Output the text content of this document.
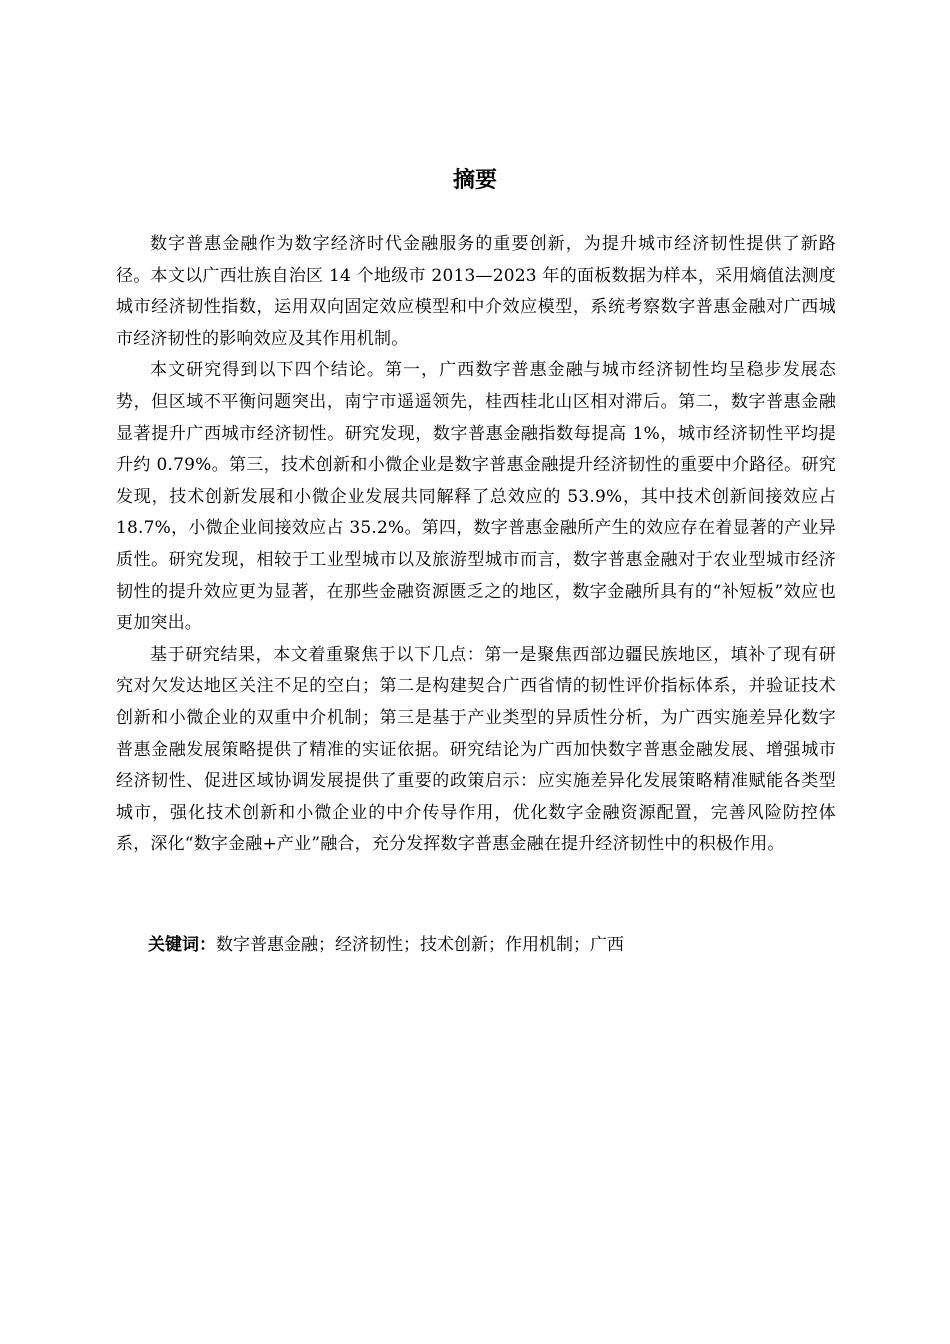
摘要

数字普惠金融作为数字经济时代金融服务的重要创新，为提升城市经济韧性提供了新路径。本文以广西壮族自治区 14 个地级市 2013—2023 年的面板数据为样本，采用熵值法测度城市经济韧性指数，运用双向固定效应模型和中介效应模型，系统考察数字普惠金融对广西城市经济韧性的影响效应及其作用机制。

本文研究得到以下四个结论。第一，广西数字普惠金融与城市经济韧性均呈稳步发展态势，但区域不平衡问题突出，南宁市遥遥领先，桂西桂北山区相对滞后。第二，数字普惠金融显著提升广西城市经济韧性。研究发现，数字普惠金融指数每提高 1%，城市经济韧性平均提升约 0.79%。第三，技术创新和小微企业是数字普惠金融提升经济韧性的重要中介路径。研究发现，技术创新发展和小微企业发展共同解释了总效应的 53.9%，其中技术创新间接效应占 18.7%，小微企业间接效应占 35.2%。第四，数字普惠金融所产生的效应存在着显著的产业异质性。研究发现，相较于工业型城市以及旅游型城市而言，数字普惠金融对于农业型城市经济韧性的提升效应更为显著，在那些金融资源匮乏之的地区，数字金融所具有的“补短板”效应也更加突出。

基于研究结果，本文着重聚焦于以下几点：第一是聚焦西部边疆民族地区，填补了现有研究对欠发达地区关注不足的空白；第二是构建契合广西省情的韧性评价指标体系，并验证技术创新和小微企业的双重中介机制；第三是基于产业类型的异质性分析，为广西实施差异化数字普惠金融发展策略提供了精准的实证依据。研究结论为广西加快数字普惠金融发展、增强城市经济韧性、促进区域协调发展提供了重要的政策启示：应实施差异化发展策略精准赋能各类型城市，强化技术创新和小微企业的中介传导作用，优化数字金融资源配置，完善风险防控体系，深化“数字金融+产业”融合，充分发挥数字普惠金融在提升经济韧性中的积极作用。

关键词：数字普惠金融；经济韧性；技术创新；作用机制；广西
